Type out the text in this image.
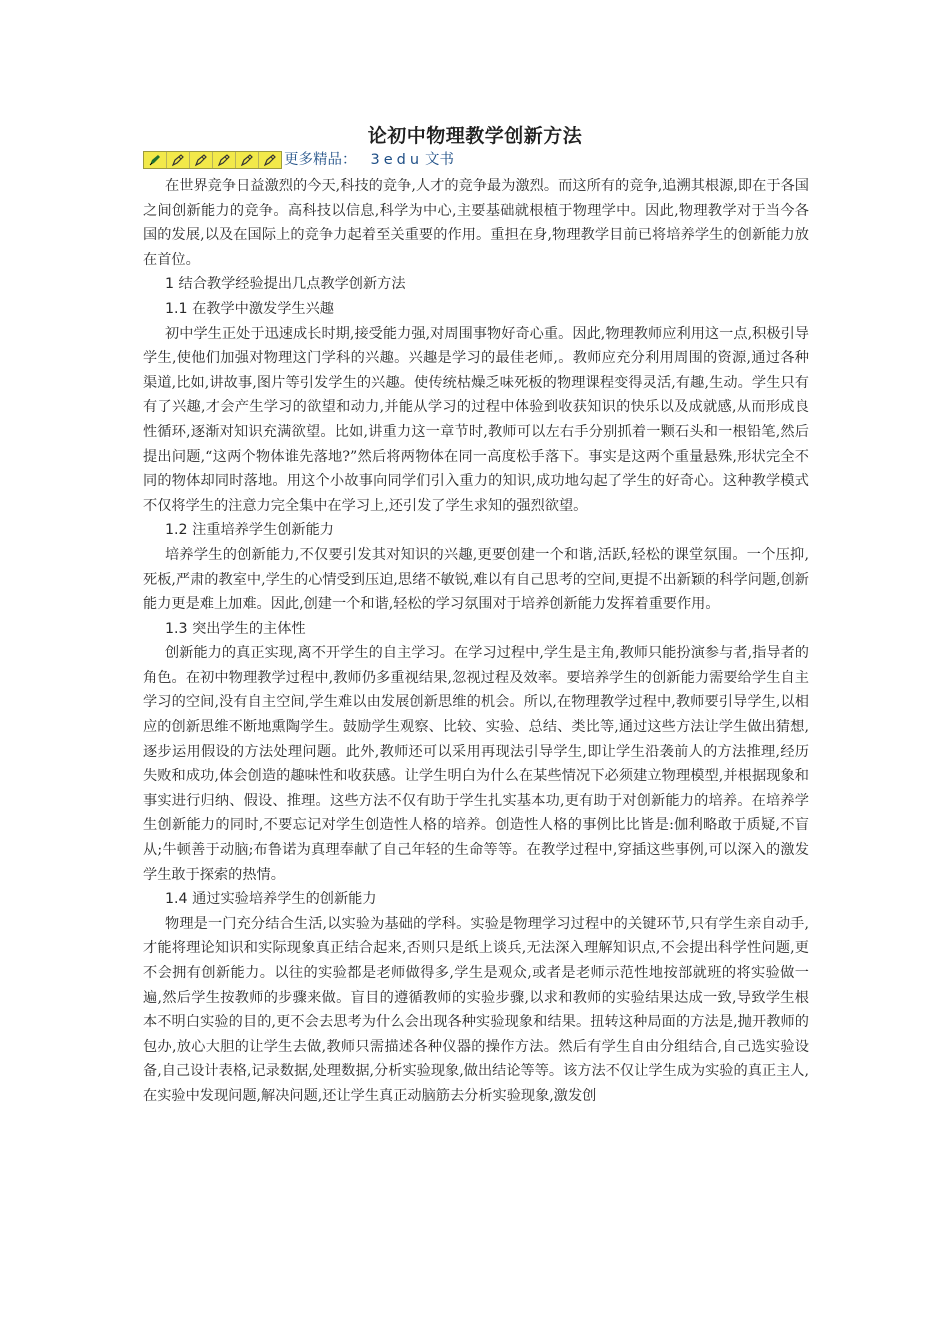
论初中物理教学创新方法
更多精品： 3edu 文书

在世界竞争日益激烈的今天,科技的竞争,人才的竞争最为激烈。而这所有的竞争,追溯其根源,即在于各国之间创新能力的竞争。高科技以信息,科学为中心,主要基础就根植于物理学中。因此,物理教学对于当今各国的发展,以及在国际上的竞争力起着至关重要的作用。重担在身,物理教学目前已将培养学生的创新能力放在首位。

1 结合教学经验提出几点教学创新方法

1.1 在教学中激发学生兴趣

初中学生正处于迅速成长时期,接受能力强,对周围事物好奇心重。因此,物理教师应利用这一点,积极引导学生,使他们加强对物理这门学科的兴趣。兴趣是学习的最佳老师,。教师应充分利用周围的资源,通过各种渠道,比如,讲故事,图片等引发学生的兴趣。使传统枯燥乏味死板的物理课程变得灵活,有趣,生动。学生只有有了兴趣,才会产生学习的欲望和动力,并能从学习的过程中体验到收获知识的快乐以及成就感,从而形成良性循环,逐渐对知识充满欲望。比如,讲重力这一章节时,教师可以左右手分别抓着一颗石头和一根铅笔,然后提出问题,“这两个物体谁先落地?”然后将两物体在同一高度松手落下。事实是这两个重量悬殊,形状完全不同的物体却同时落地。用这个小故事向同学们引入重力的知识,成功地勾起了学生的好奇心。这种教学模式不仅将学生的注意力完全集中在学习上,还引发了学生求知的强烈欲望。

1.2 注重培养学生创新能力

培养学生的创新能力,不仅要引发其对知识的兴趣,更要创建一个和谐,活跃,轻松的课堂氛围。一个压抑,死板,严肃的教室中,学生的心情受到压迫,思绪不敏锐,难以有自己思考的空间,更提不出新颖的科学问题,创新能力更是难上加难。因此,创建一个和谐,轻松的学习氛围对于培养创新能力发挥着重要作用。

1.3 突出学生的主体性

创新能力的真正实现,离不开学生的自主学习。在学习过程中,学生是主角,教师只能扮演参与者,指导者的角色。在初中物理教学过程中,教师仍多重视结果,忽视过程及效率。要培养学生的创新能力需要给学生自主学习的空间,没有自主空间,学生难以由发展创新思维的机会。所以,在物理教学过程中,教师要引导学生,以相应的创新思维不断地熏陶学生。鼓励学生观察、比较、实验、总结、类比等,通过这些方法让学生做出猜想,逐步运用假设的方法处理问题。此外,教师还可以采用再现法引导学生,即让学生沿袭前人的方法推理,经历失败和成功,体会创造的趣味性和收获感。让学生明白为什么在某些情况下必须建立物理模型,并根据现象和事实进行归纳、假设、推理。这些方法不仅有助于学生扎实基本功,更有助于对创新能力的培养。在培养学生创新能力的同时,不要忘记对学生创造性人格的培养。创造性人格的事例比比皆是:伽利略敢于质疑,不盲从;牛顿善于动脑;布鲁诺为真理奉献了自己年轻的生命等等。在教学过程中,穿插这些事例,可以深入的激发学生敢于探索的热情。

1.4 通过实验培养学生的创新能力

物理是一门充分结合生活,以实验为基础的学科。实验是物理学习过程中的关键环节,只有学生亲自动手,才能将理论知识和实际现象真正结合起来,否则只是纸上谈兵,无法深入理解知识点,不会提出科学性问题,更不会拥有创新能力。以往的实验都是老师做得多,学生是观众,或者是老师示范性地按部就班的将实验做一遍,然后学生按教师的步骤来做。盲目的遵循教师的实验步骤,以求和教师的实验结果达成一致,导致学生根本不明白实验的目的,更不会去思考为什么会出现各种实验现象和结果。扭转这种局面的方法是,抛开教师的包办,放心大胆的让学生去做,教师只需描述各种仪器的操作方法。然后有学生自由分组结合,自己选实验设备,自己设计表格,记录数据,处理数据,分析实验现象,做出结论等等。该方法不仅让学生成为实验的真正主人,在实验中发现问题,解决问题,还让学生真正动脑筋去分析实验现象,激发创
